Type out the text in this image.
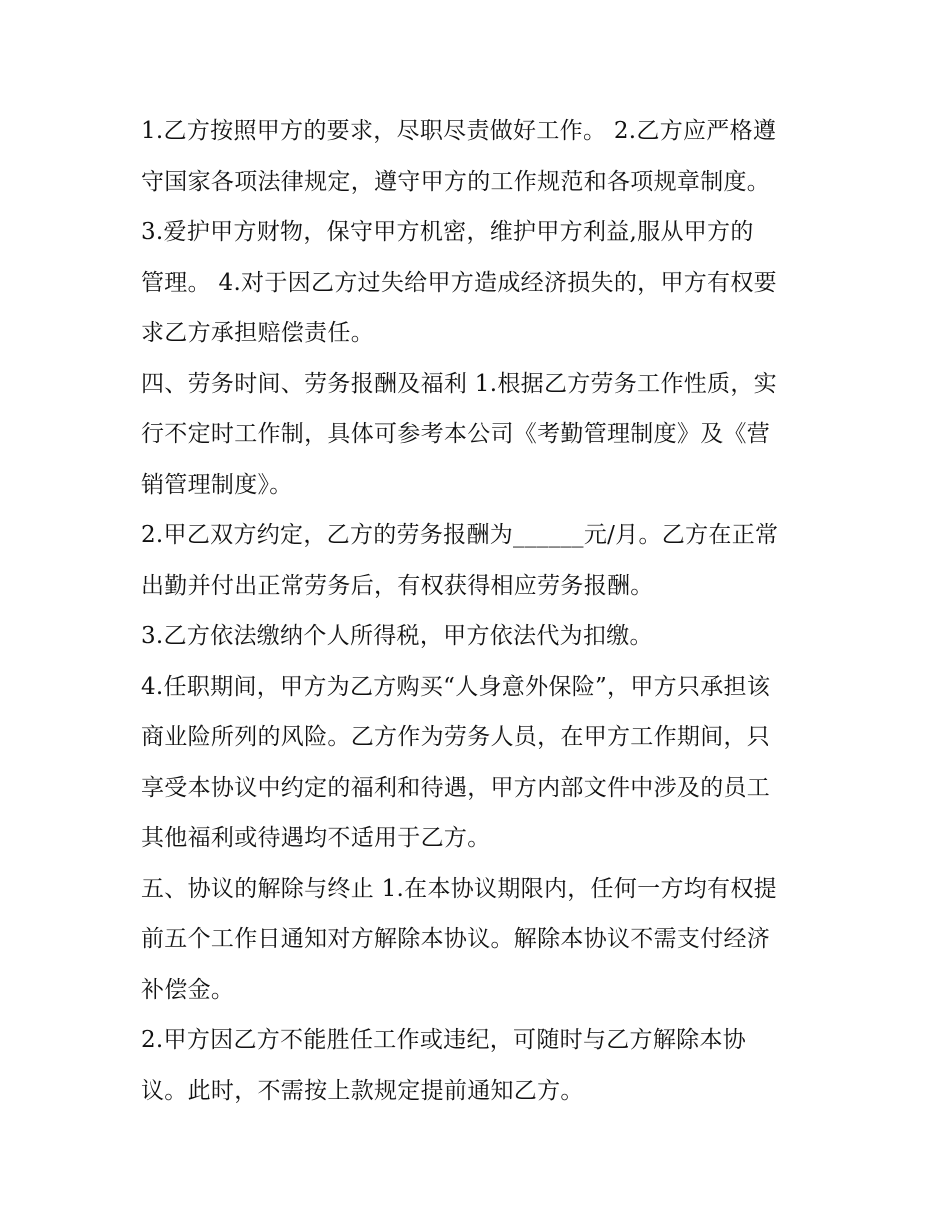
1.乙方按照甲方的要求，尽职尽责做好工作。 2.乙方应严格遵
守国家各项法律规定，遵守甲方的工作规范和各项规章制度。

3.爱护甲方财物，保守甲方机密，维护甲方利益,服从甲方的
管理。 4.对于因乙方过失给甲方造成经济损失的，甲方有权要
求乙方承担赔偿责任。

四、劳务时间、劳务报酬及福利 1.根据乙方劳务工作性质，实
行不定时工作制，具体可参考本公司《考勤管理制度》及《营
销管理制度》。

2.甲乙双方约定，乙方的劳务报酬为______元/月。乙方在正常
出勤并付出正常劳务后，有权获得相应劳务报酬。

3.乙方依法缴纳个人所得税，甲方依法代为扣缴。

4.任职期间，甲方为乙方购买“人身意外保险”，甲方只承担该
商业险所列的风险。乙方作为劳务人员，在甲方工作期间，只
享受本协议中约定的福利和待遇，甲方内部文件中涉及的员工
其他福利或待遇均不适用于乙方。

五、协议的解除与终止 1.在本协议期限内，任何一方均有权提
前五个工作日通知对方解除本协议。解除本协议不需支付经济
补偿金。

2.甲方因乙方不能胜任工作或违纪，可随时与乙方解除本协
议。此时，不需按上款规定提前通知乙方。
